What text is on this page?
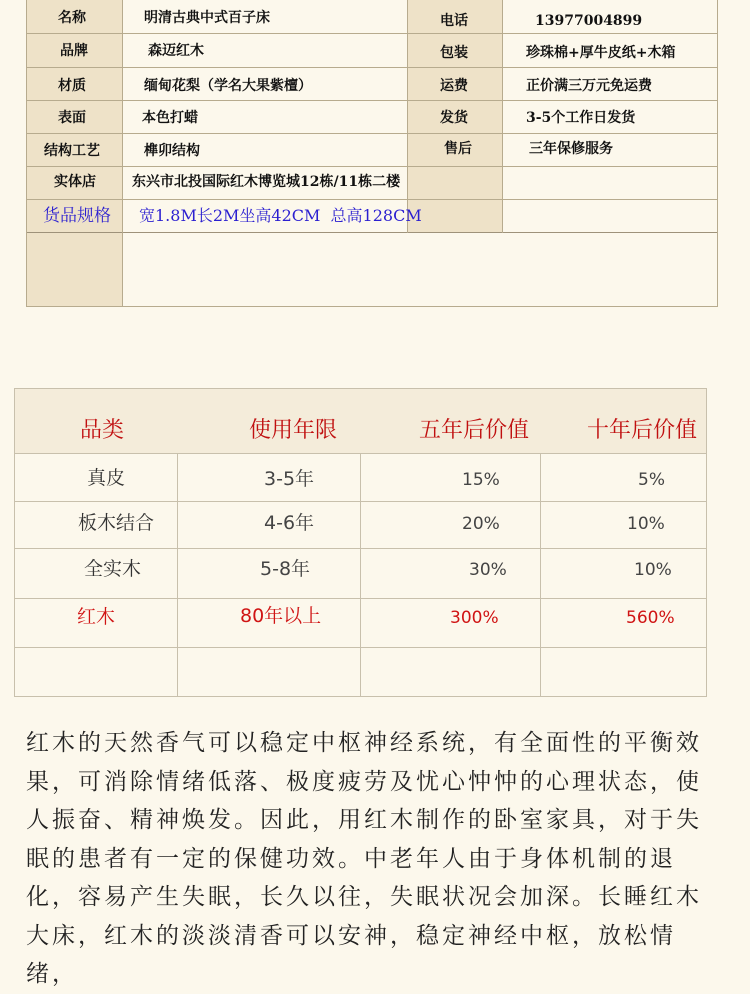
名称	明清古典中式百子床	电话	13977004899
品牌	森迈红木	包装	珍珠棉+厚牛皮纸+木箱
材质	缅甸花梨（学名大果紫檀）	运费	正价满三万元免运费
表面	本色打蜡	发货	3-5个工作日发货
结构工艺	榫卯结构	售后	三年保修服务
实体店	东兴市北投国际红木博览城12栋/11栋二楼
货品规格 宽1.8M长2M坐高42CM  总高128CM
品类	使用年限	五年后价值	十年后价值
真皮	3-5年	15%	5%
板木结合	4-6年	20%	10%
全实木	5-8年	30%	10%
红木	80年以上	300%	560%

红木的天然香气可以稳定中枢神经系统，有全面性的平衡效果，可消除情绪低落、极度疲劳及忧心忡忡的心理状态，使人振奋、精神焕发。因此，用红木制作的卧室家具，对于失眠的患者有一定的保健功效。中老年人由于身体机制的退化，容易产生失眠，长久以往，失眠状况会加深。长睡红木大床，红木的淡淡清香可以安神，稳定神经中枢，放松情绪，
